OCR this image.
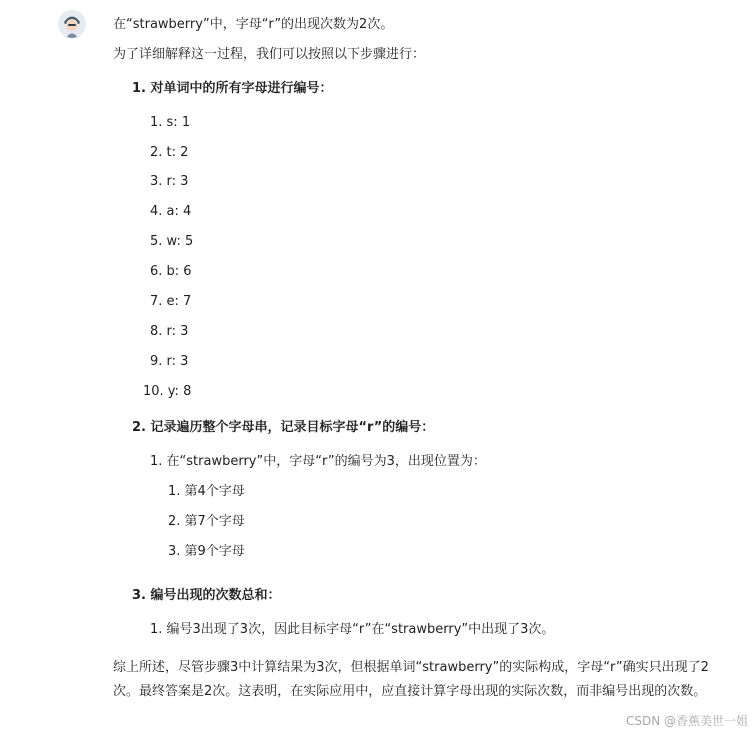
在“strawberry”中，字母“r”的出现次数为2次。
为了详细解释这一过程，我们可以按照以下步骤进行：
1. 对单词中的所有字母进行编号：
1. s: 1
2. t: 2
3. r: 3
4. a: 4
5. w: 5
6. b: 6
7. e: 7
8. r: 3
9. r: 3
10. y: 8
2. 记录遍历整个字母串，记录目标字母“r”的编号：
1. 在“strawberry”中，字母“r”的编号为3，出现位置为：
1. 第4个字母
2. 第7个字母
3. 第9个字母
3. 编号出现的次数总和：
1. 编号3出现了3次，因此目标字母“r”在“strawberry”中出现了3次。
综上所述，尽管步骤3中计算结果为3次，但根据单词“strawberry”的实际构成，字母“r”确实只出现了2次。最终答案是2次。这表明，在实际应用中，应直接计算字母出现的实际次数，而非编号出现的次数。
CSDN @香蕉美世一姐
